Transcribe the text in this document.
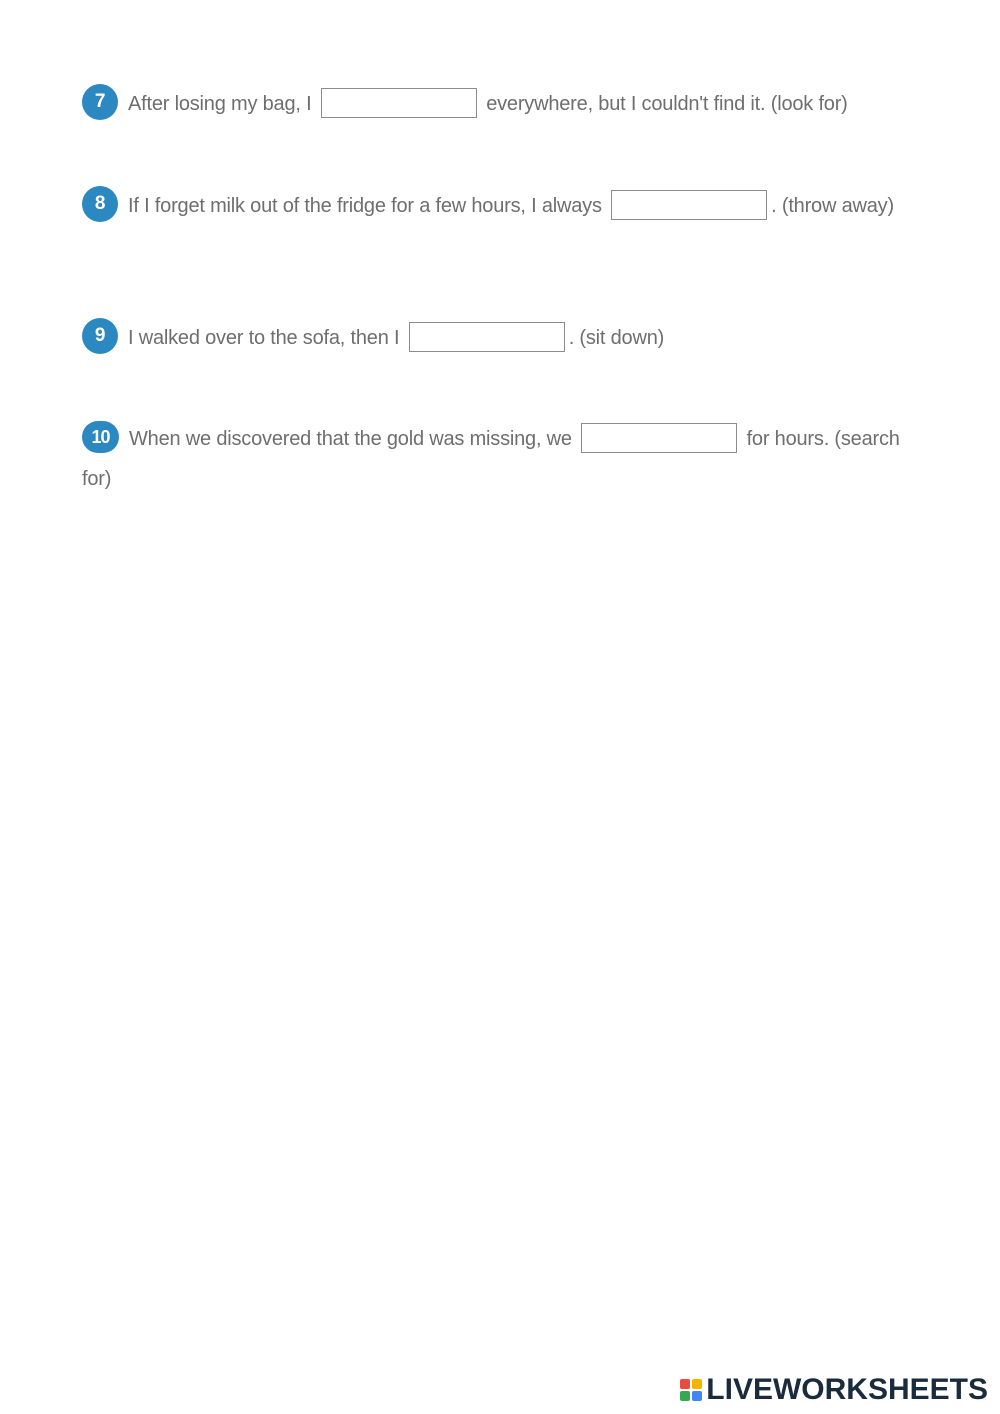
7 After losing my bag, I	everywhere, but I couldn't find it. (look for)
8 If I forget milk out of the fridge for a few hours, I always	. (throw away)
9 I walked over to the sofa, then I	. (sit down)
10 When we discovered that the gold was missing, we	for hours. (search for)
LIVEWORKSHEETS
